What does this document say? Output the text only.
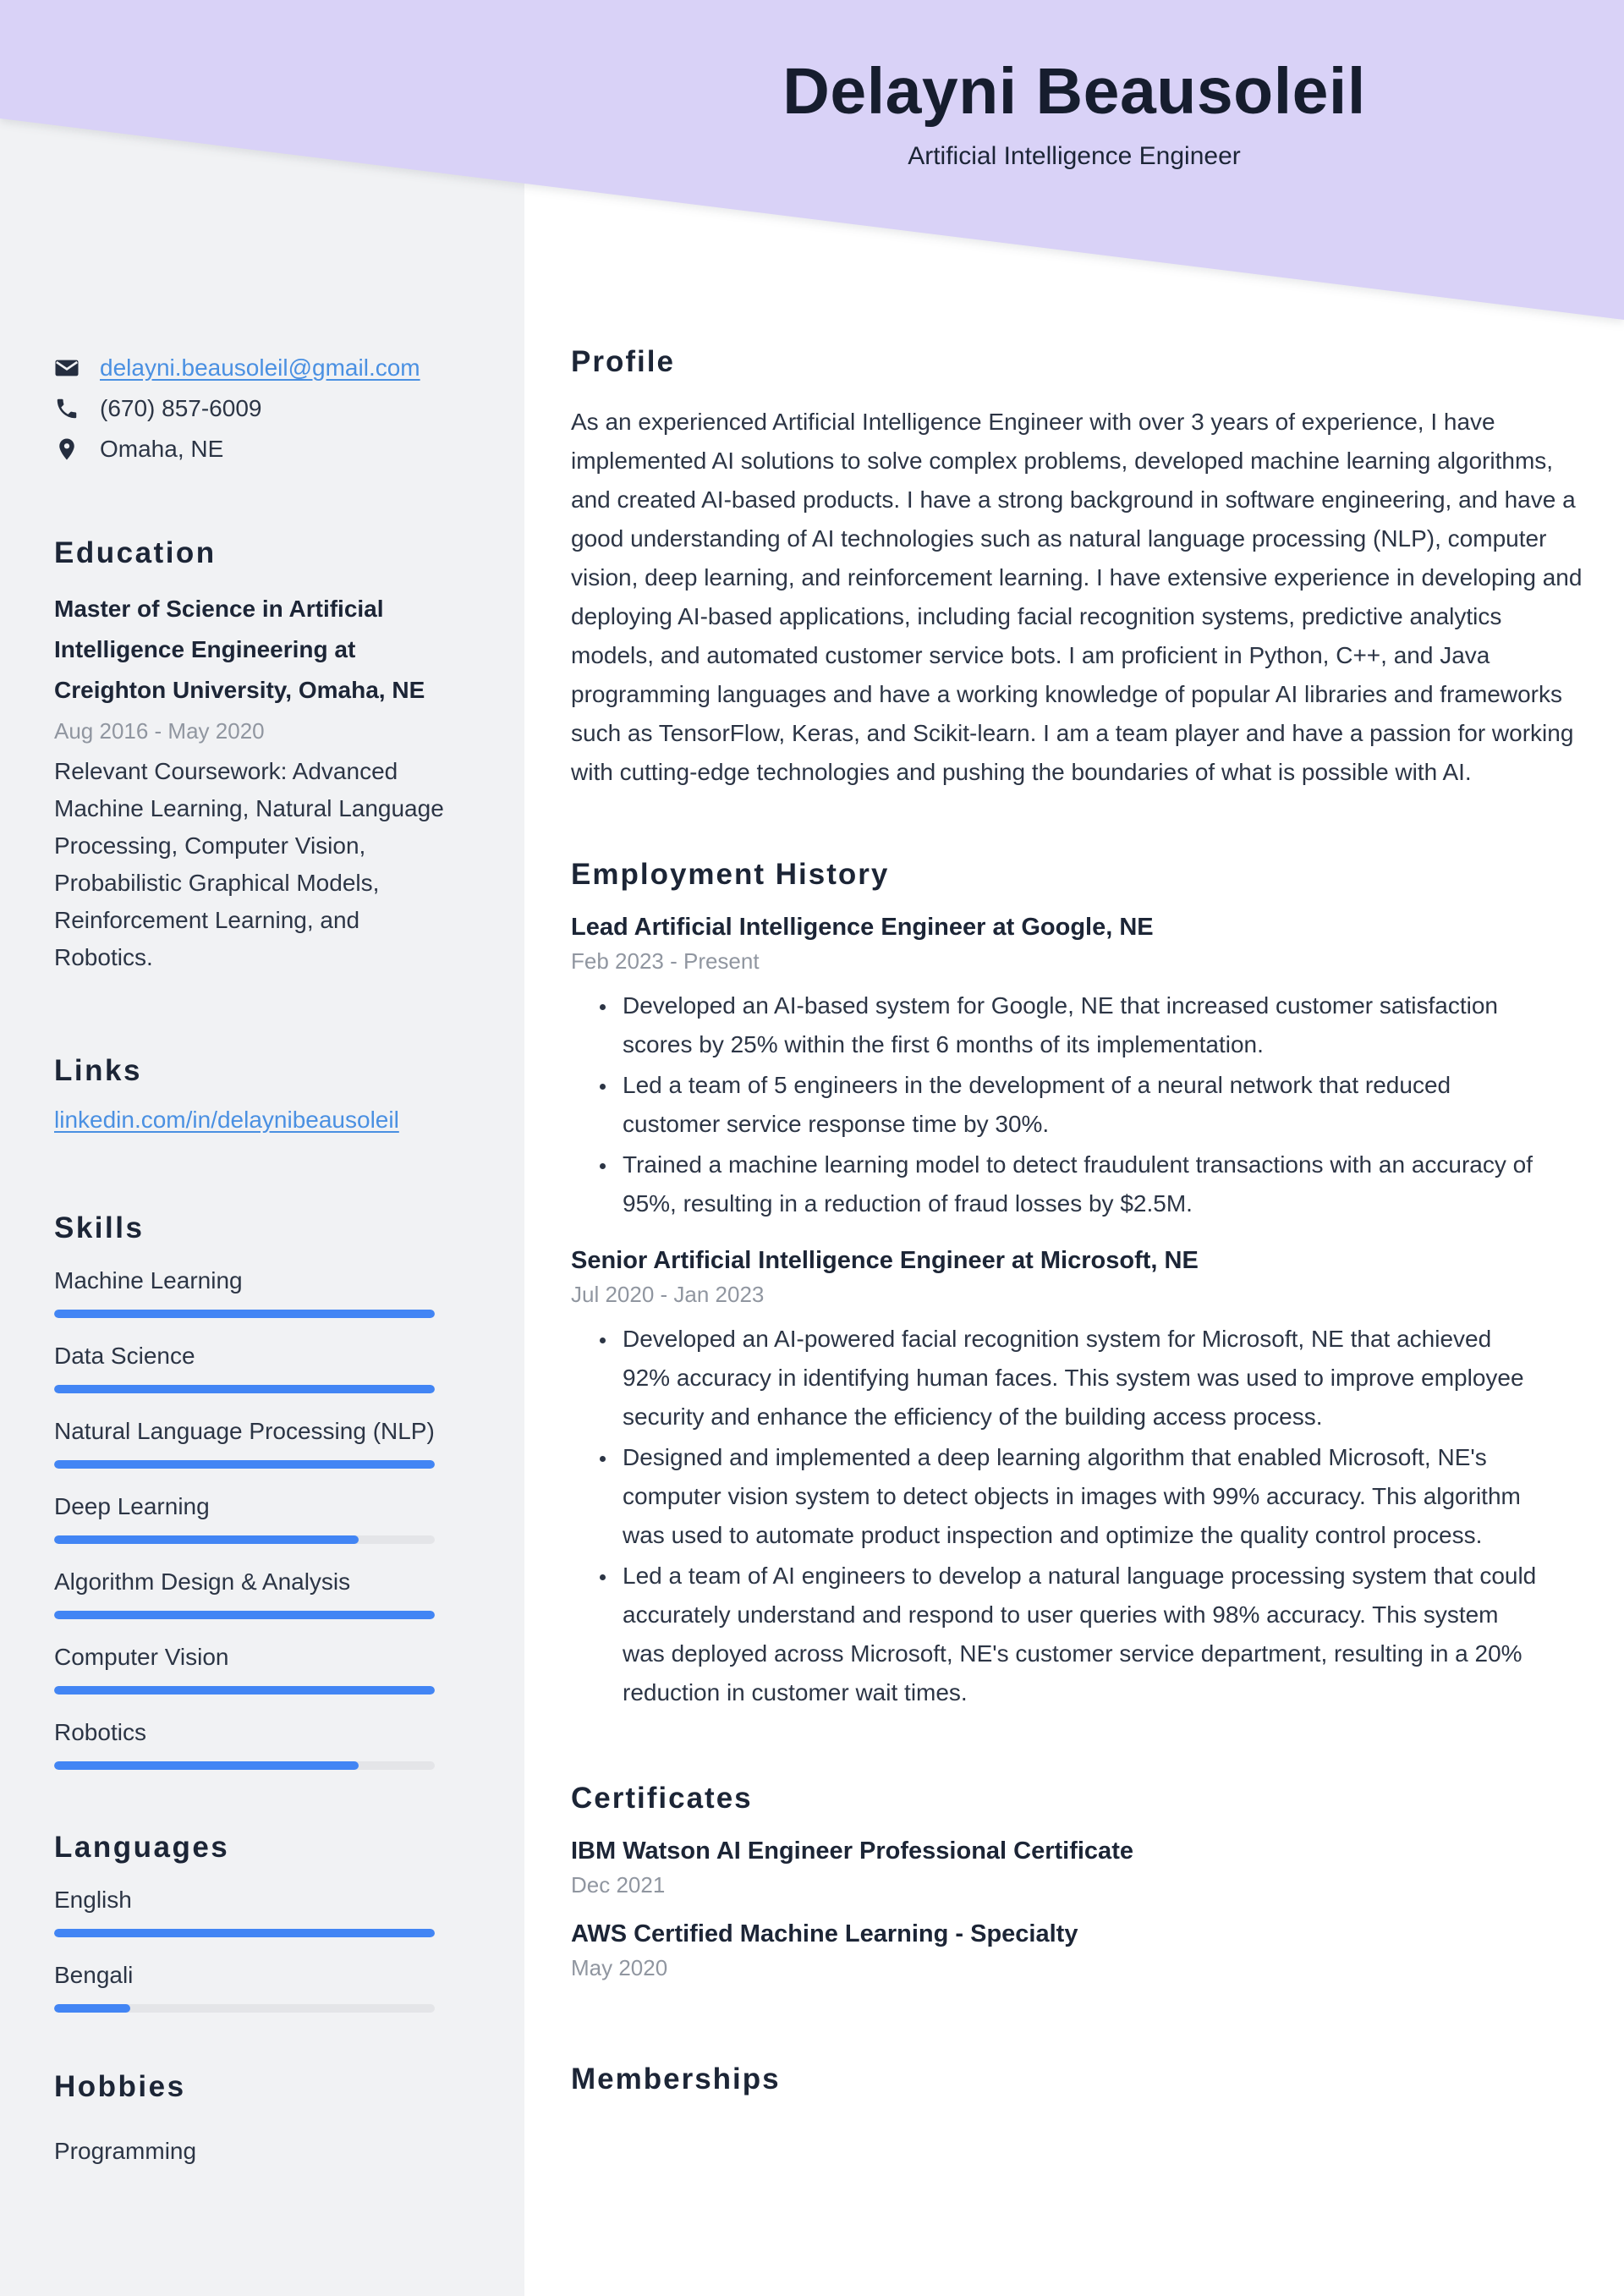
delayni.beausoleil@gmail.com
(670) 857-6009
Omaha, NE
Education
Master of Science in Artificial Intelligence Engineering at Creighton University, Omaha, NE
Aug 2016 - May 2020
Relevant Coursework: Advanced Machine Learning, Natural Language Processing, Computer Vision, Probabilistic Graphical Models, Reinforcement Learning, and Robotics.
Links
linkedin.com/in/delaynibeausoleil
Skills
Machine Learning
Data Science
Natural Language Processing (NLP)
Deep Learning
Algorithm Design & Analysis
Computer Vision
Robotics
Languages
English
Bengali
Hobbies
Programming
Delayni Beausoleil
Artificial Intelligence Engineer
Profile

As an experienced Artificial Intelligence Engineer with over 3 years of experience, I have implemented AI solutions to solve complex problems, developed machine learning algorithms, and created AI-based products. I have a strong background in software engineering, and have a good understanding of AI technologies such as natural language processing (NLP), computer vision, deep learning, and reinforcement learning. I have extensive experience in developing and deploying AI-based applications, including facial recognition systems, predictive analytics models, and automated customer service bots. I am proficient in Python, C++, and Java programming languages and have a working knowledge of popular AI libraries and frameworks such as TensorFlow, Keras, and Scikit-learn. I am a team player and have a passion for working with cutting-edge technologies and pushing the boundaries of what is possible with AI.

Employment History
Lead Artificial Intelligence Engineer at Google, NE
Feb 2023 - Present
• Developed an AI-based system for Google, NE that increased customer satisfaction scores by 25% within the first 6 months of its implementation.
• Led a team of 5 engineers in the development of a neural network that reduced customer service response time by 30%.
• Trained a machine learning model to detect fraudulent transactions with an accuracy of 95%, resulting in a reduction of fraud losses by $2.5M.
Senior Artificial Intelligence Engineer at Microsoft, NE
Jul 2020 - Jan 2023
• Developed an AI-powered facial recognition system for Microsoft, NE that achieved 92% accuracy in identifying human faces. This system was used to improve employee security and enhance the efficiency of the building access process.
• Designed and implemented a deep learning algorithm that enabled Microsoft, NE's computer vision system to detect objects in images with 99% accuracy. This algorithm was used to automate product inspection and optimize the quality control process.
• Led a team of AI engineers to develop a natural language processing system that could accurately understand and respond to user queries with 98% accuracy. This system was deployed across Microsoft, NE's customer service department, resulting in a 20% reduction in customer wait times.
Certificates
IBM Watson AI Engineer Professional Certificate
Dec 2021
AWS Certified Machine Learning - Specialty
May 2020
Memberships
